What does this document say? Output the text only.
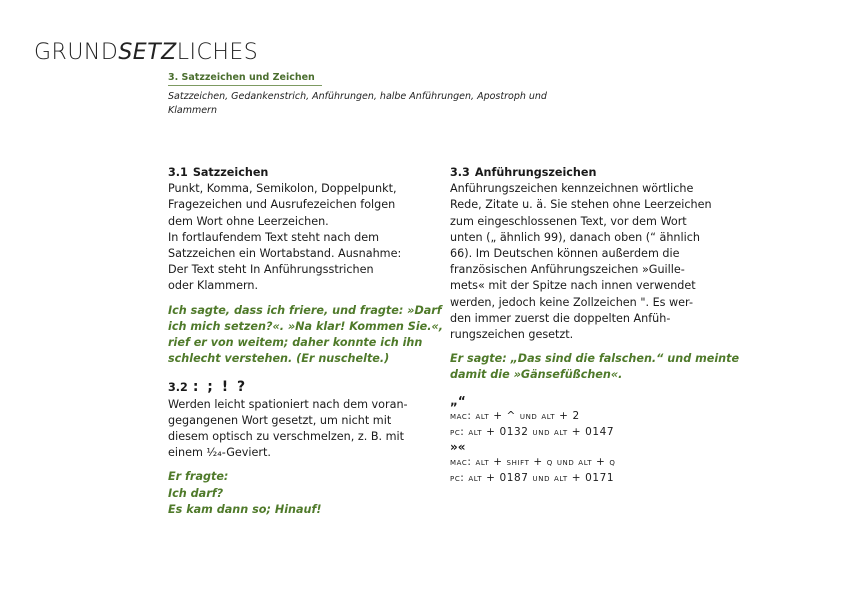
GRUNDSETZLICHES
3. Satzzeichen und Zeichen
Satzzeichen, Gedankenstrich, Anführungen, halbe Anführungen, Apostroph und
Klammern
3.1 Satzzeichen
Punkt, Komma, Semikolon, Doppelpunkt,
Fragezeichen und Ausrufezeichen folgen
dem Wort ohne Leerzeichen.
In fortlaufendem Text steht nach dem
Satzzeichen ein Wortabstand. Ausnahme:
Der Text steht In Anführungsstrichen
oder Klammern.
Ich sagte, dass ich friere, und fragte: »Darf
ich mich setzen?«. »Na klar! Kommen Sie.«,
rief er von weitem; daher konnte ich ihn
schlecht verstehen. (Er nuschelte.)
3.2 : ; ! ?
Werden leicht spationiert nach dem voran-
gegangenen Wort gesetzt, um nicht mit
diesem optisch zu verschmelzen, z. B. mit
einem ¹⁄₂₄-Geviert.
Er fragte:
Ich darf?
Es kam dann so; Hinauf!
3.3 Anführungszeichen
Anführungszeichen kennzeichnen wörtliche
Rede, Zitate u. ä. Sie stehen ohne Leerzeichen
zum eingeschlossenen Text, vor dem Wort
unten („ ähnlich 99), danach oben (“ ähnlich
66). Im Deutschen können außerdem die
französischen Anführungszeichen »Guille-
mets« mit der Spitze nach innen verwendet
werden, jedoch keine Zollzeichen ". Es wer-
den immer zuerst die doppelten Anfüh-
rungszeichen gesetzt.
Er sagte: „Das sind die falschen.“ und meinte
damit die »Gänsefüßchen«.
„“
mac: alt + ^ und alt + 2
pc: alt + 0132 und alt + 0147
»«
mac: alt + shift + q und alt + q
pc: alt + 0187 und alt + 0171
